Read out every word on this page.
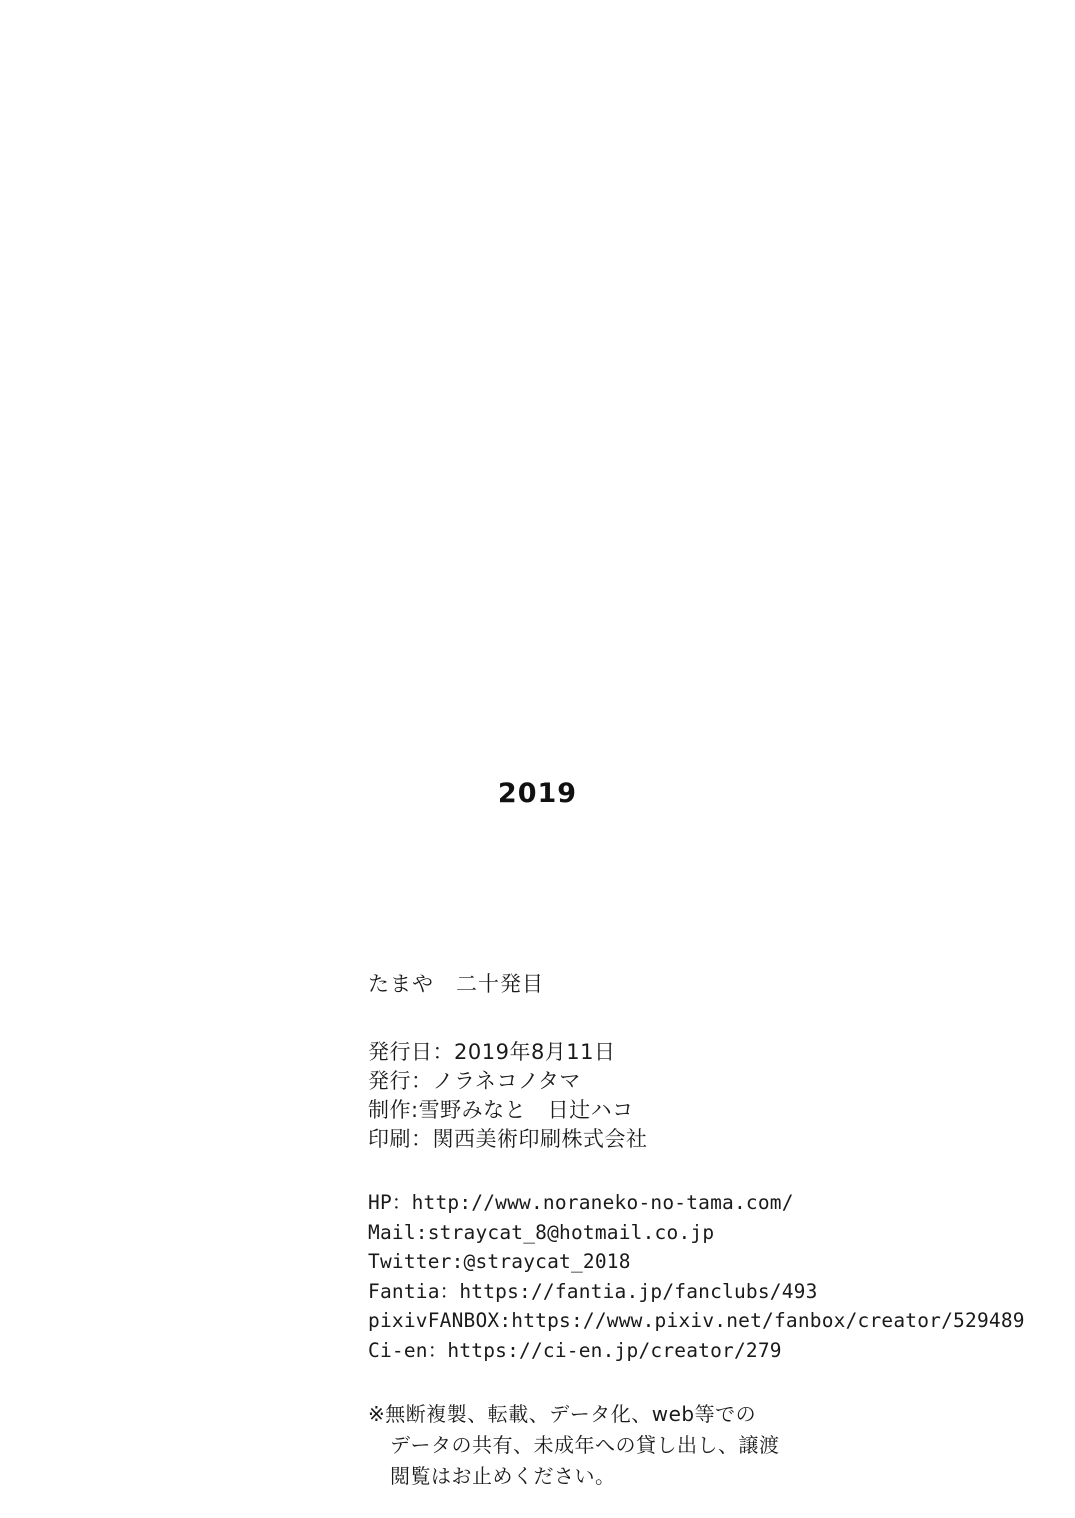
2019
たまや　二十発目
発行日：2019年8月11日
発行：ノラネコノタマ
制作:雪野みなと　日辻ハコ
印刷：関西美術印刷株式会社
HP：http://www.noraneko-no-tama.com/
Mail:straycat_8@hotmail.co.jp
Twitter:@straycat_2018
Fantia：https://fantia.jp/fanclubs/493
pixivFANBOX:https://www.pixiv.net/fanbox/creator/529489
Ci-en：https://ci-en.jp/creator/279
※無断複製、転載、データ化、web等での
データの共有、未成年への貸し出し、譲渡
閲覧はお止めください。
